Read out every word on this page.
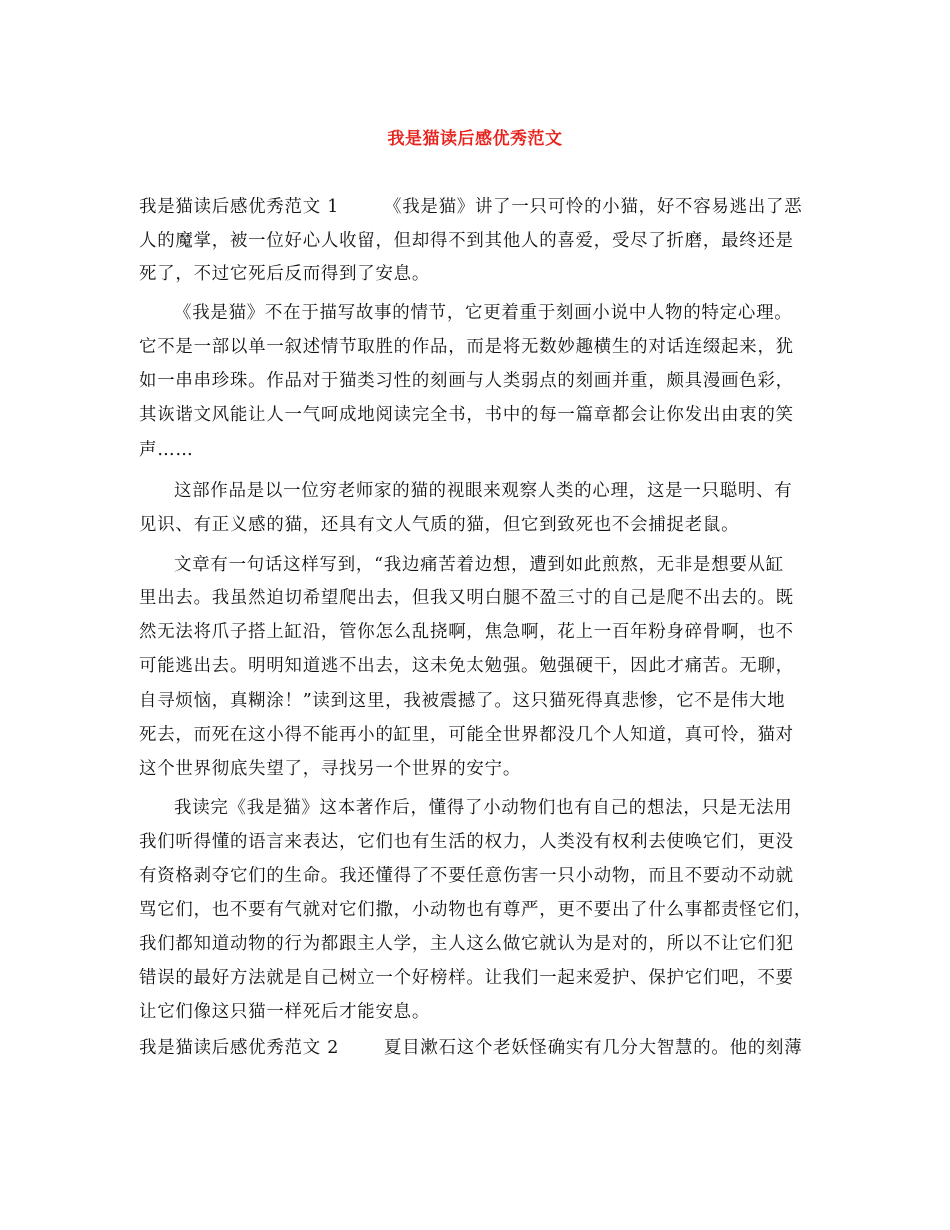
我是猫读后感优秀范文
我是猫读后感优秀范文 1	《我是猫》讲了一只可怜的小猫，好不容易逃出了恶
人的魔掌，被一位好心人收留，但却得不到其他人的喜爱，受尽了折磨，最终还是
死了，不过它死后反而得到了安息。
《我是猫》不在于描写故事的情节，它更着重于刻画小说中人物的特定心理。
它不是一部以单一叙述情节取胜的作品，而是将无数妙趣横生的对话连缀起来，犹
如一串串珍珠。作品对于猫类习性的刻画与人类弱点的刻画并重，颇具漫画色彩，
其诙谐文风能让人一气呵成地阅读完全书，书中的每一篇章都会让你发出由衷的笑
声……
这部作品是以一位穷老师家的猫的视眼来观察人类的心理，这是一只聪明、有
见识、有正义感的猫，还具有文人气质的猫，但它到致死也不会捕捉老鼠。
文章有一句话这样写到，“我边痛苦着边想，遭到如此煎熬，无非是想要从缸
里出去。我虽然迫切希望爬出去，但我又明白腿不盈三寸的自己是爬不出去的。既
然无法将爪子搭上缸沿，管你怎么乱挠啊，焦急啊，花上一百年粉身碎骨啊，也不
可能逃出去。明明知道逃不出去，这未免太勉强。勉强硬干，因此才痛苦。无聊，
自寻烦恼，真糊涂！”读到这里，我被震撼了。这只猫死得真悲惨，它不是伟大地
死去，而死在这小得不能再小的缸里，可能全世界都没几个人知道，真可怜，猫对
这个世界彻底失望了，寻找另一个世界的安宁。
我读完《我是猫》这本著作后，懂得了小动物们也有自己的想法，只是无法用
我们听得懂的语言来表达，它们也有生活的权力，人类没有权利去使唤它们，更没
有资格剥夺它们的生命。我还懂得了不要任意伤害一只小动物，而且不要动不动就
骂它们，也不要有气就对它们撒，小动物也有尊严，更不要出了什么事都责怪它们，
我们都知道动物的行为都跟主人学，主人这么做它就认为是对的，所以不让它们犯
错误的最好方法就是自己树立一个好榜样。让我们一起来爱护、保护它们吧，不要
让它们像这只猫一样死后才能安息。
我是猫读后感优秀范文 2	夏目漱石这个老妖怪确实有几分大智慧的。他的刻薄
